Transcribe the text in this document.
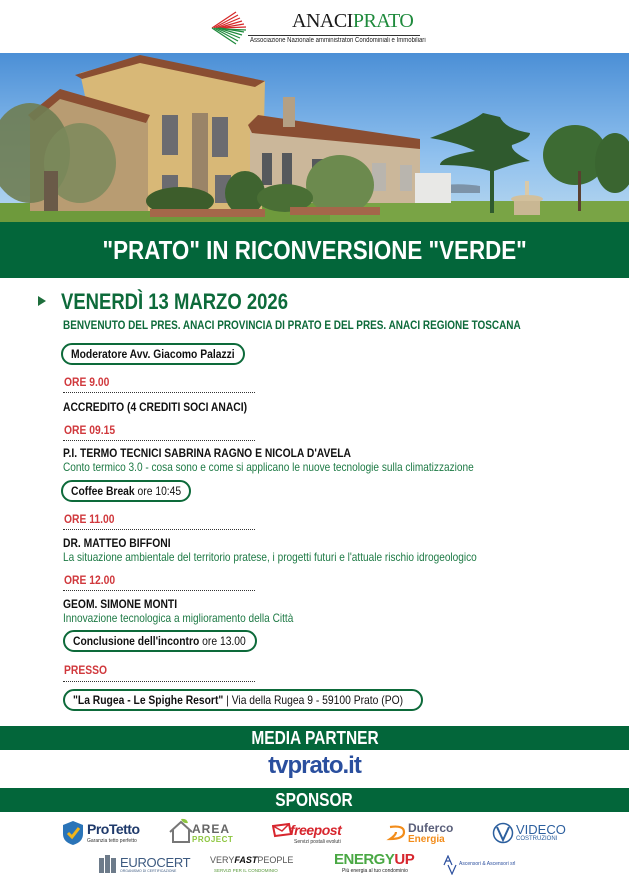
ANACIPRATO
Associazione Nazionale amministratori Condominiali e Immobiliari
"PRATO" IN RICONVERSIONE "VERDE"
VENERDÌ 13 MARZO 2026
BENVENUTO DEL PRES. ANACI PROVINCIA DI PRATO E DEL PRES. ANACI REGIONE TOSCANA
Moderatore Avv. Giacomo Palazzi
ORE 9.00
ACCREDITO (4 CREDITI SOCI ANACI)
ORE 09.15
P.I. TERMO TECNICI SABRINA RAGNO E NICOLA D'AVELA
Conto termico 3.0 - cosa sono e come si applicano le nuove tecnologie sulla climatizzazione
Coffee Break ore 10:45
ORE 11.00
DR. MATTEO BIFFONI
La situazione ambientale del territorio pratese, i progetti futuri e l'attuale rischio idrogeologico
ORE 12.00
GEOM. SIMONE MONTI
Innovazione tecnologica a miglioramento della Città
Conclusione dell'incontro ore 13.00
PRESSO
"La Rugea - Le Spighe Resort" | Via della Rugea 9 - 59100 Prato (PO)
MEDIA PARTNER
tvprato.it
SPONSOR
ProTetto
Garanzia tetto perfetto
AREA
PROJECT
freepost
Servizi postali evoluti
Duferco
Energia
VIDECO
COSTRUZIONI
EUROCERT
ORGANISMO DI CERTIFICAZIONE
VERYFASTPEOPLE
SERVIZI PER IL CONDOMINIO
ENERGYUP
Più energia al tuo condominio
Ascensori & Ascensori srl
